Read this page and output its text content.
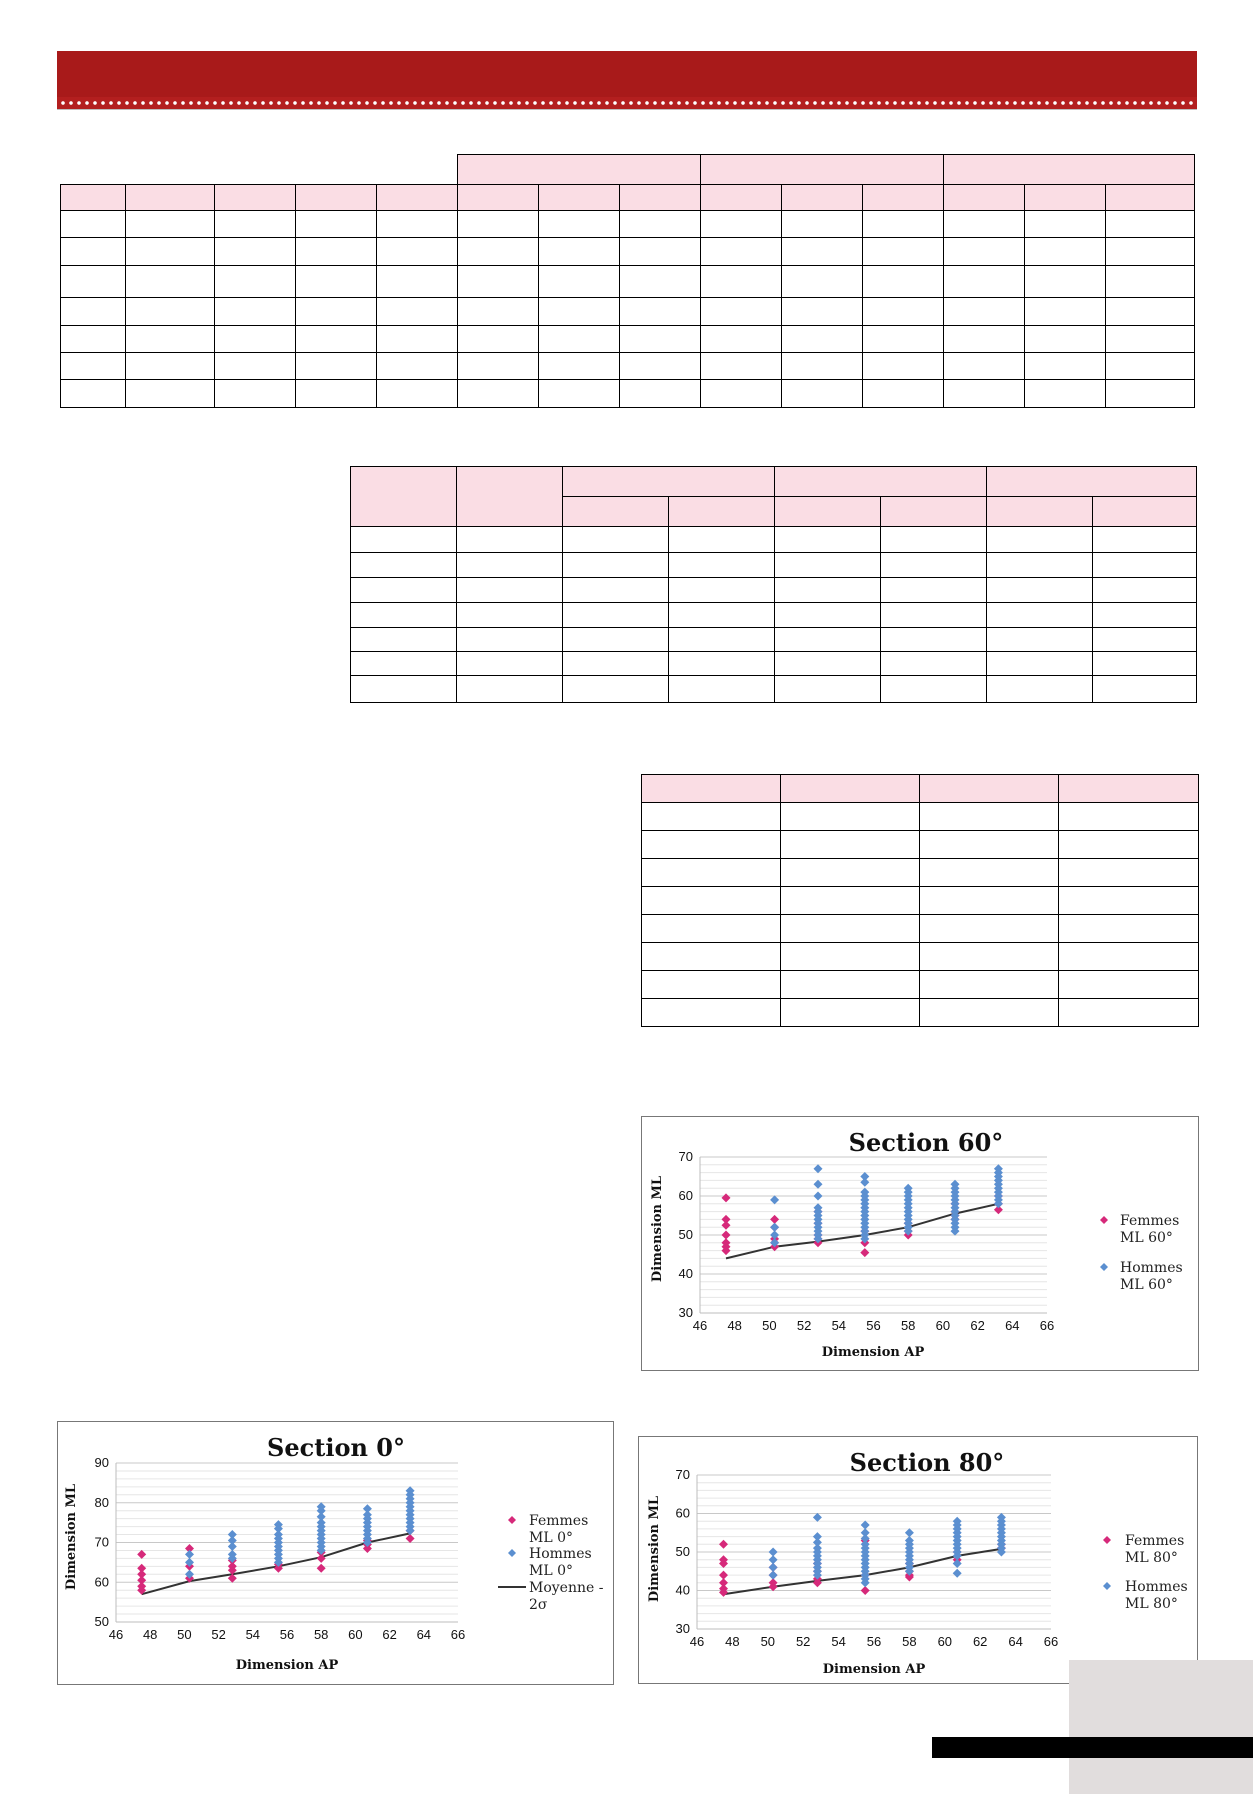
Section 60°
Dimension AP
Dimension ML
46 48 50 52 54 56 58 60 62 64 66
30
40
50
60
70
Femmes
ML 60°
Hommes
ML 60°
Section 0°
Dimension AP
Dimension ML
46 48 50 52 54 56 58 60 62 64 66
50
60
70
80
90
Femmes
ML 0°
Hommes
ML 0°
Moyenne -
2σ
Section 80°
Dimension AP
Dimension ML
46 48 50 52 54 56 58 60 62 64 66
30
40
50
60
70
Femmes
ML 80°
Hommes
ML 80°
